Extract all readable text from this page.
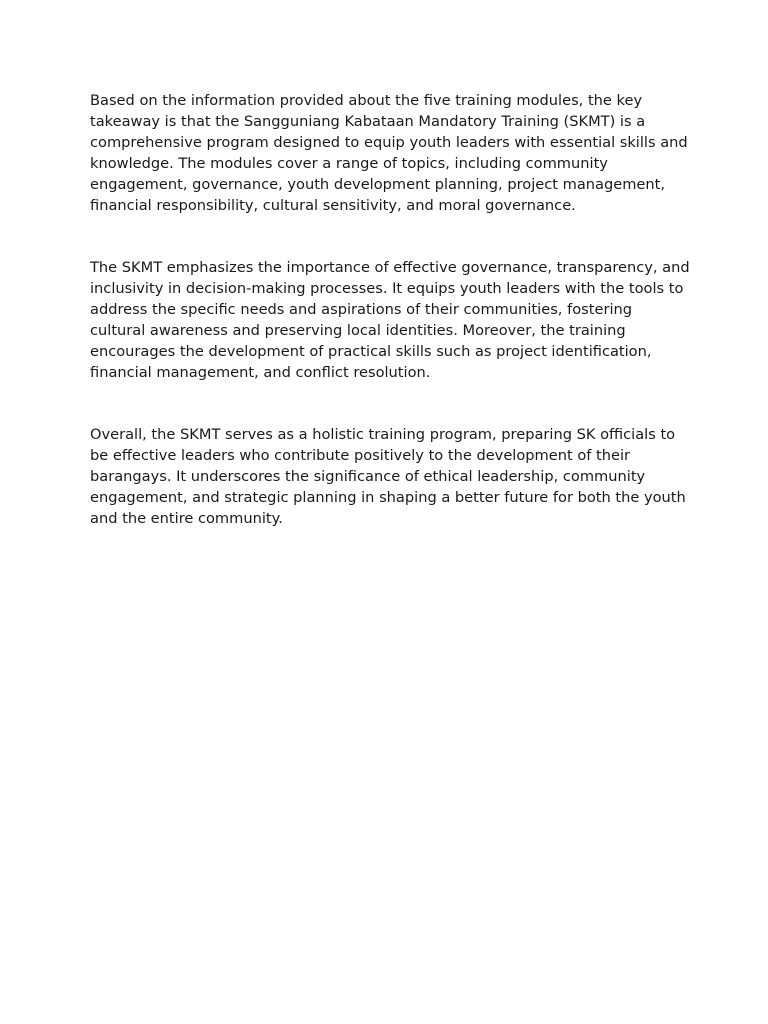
Based on the information provided about the five training modules, the key takeaway is that the Sangguniang Kabataan Mandatory Training (SKMT) is a comprehensive program designed to equip youth leaders with essential skills and knowledge. The modules cover a range of topics, including community engagement, governance, youth development planning, project management, financial responsibility, cultural sensitivity, and moral governance.

The SKMT emphasizes the importance of effective governance, transparency, and inclusivity in decision-making processes. It equips youth leaders with the tools to address the specific needs and aspirations of their communities, fostering cultural awareness and preserving local identities. Moreover, the training encourages the development of practical skills such as project identification, financial management, and conflict resolution.

Overall, the SKMT serves as a holistic training program, preparing SK officials to be effective leaders who contribute positively to the development of their barangays. It underscores the significance of ethical leadership, community engagement, and strategic planning in shaping a better future for both the youth and the entire community.
